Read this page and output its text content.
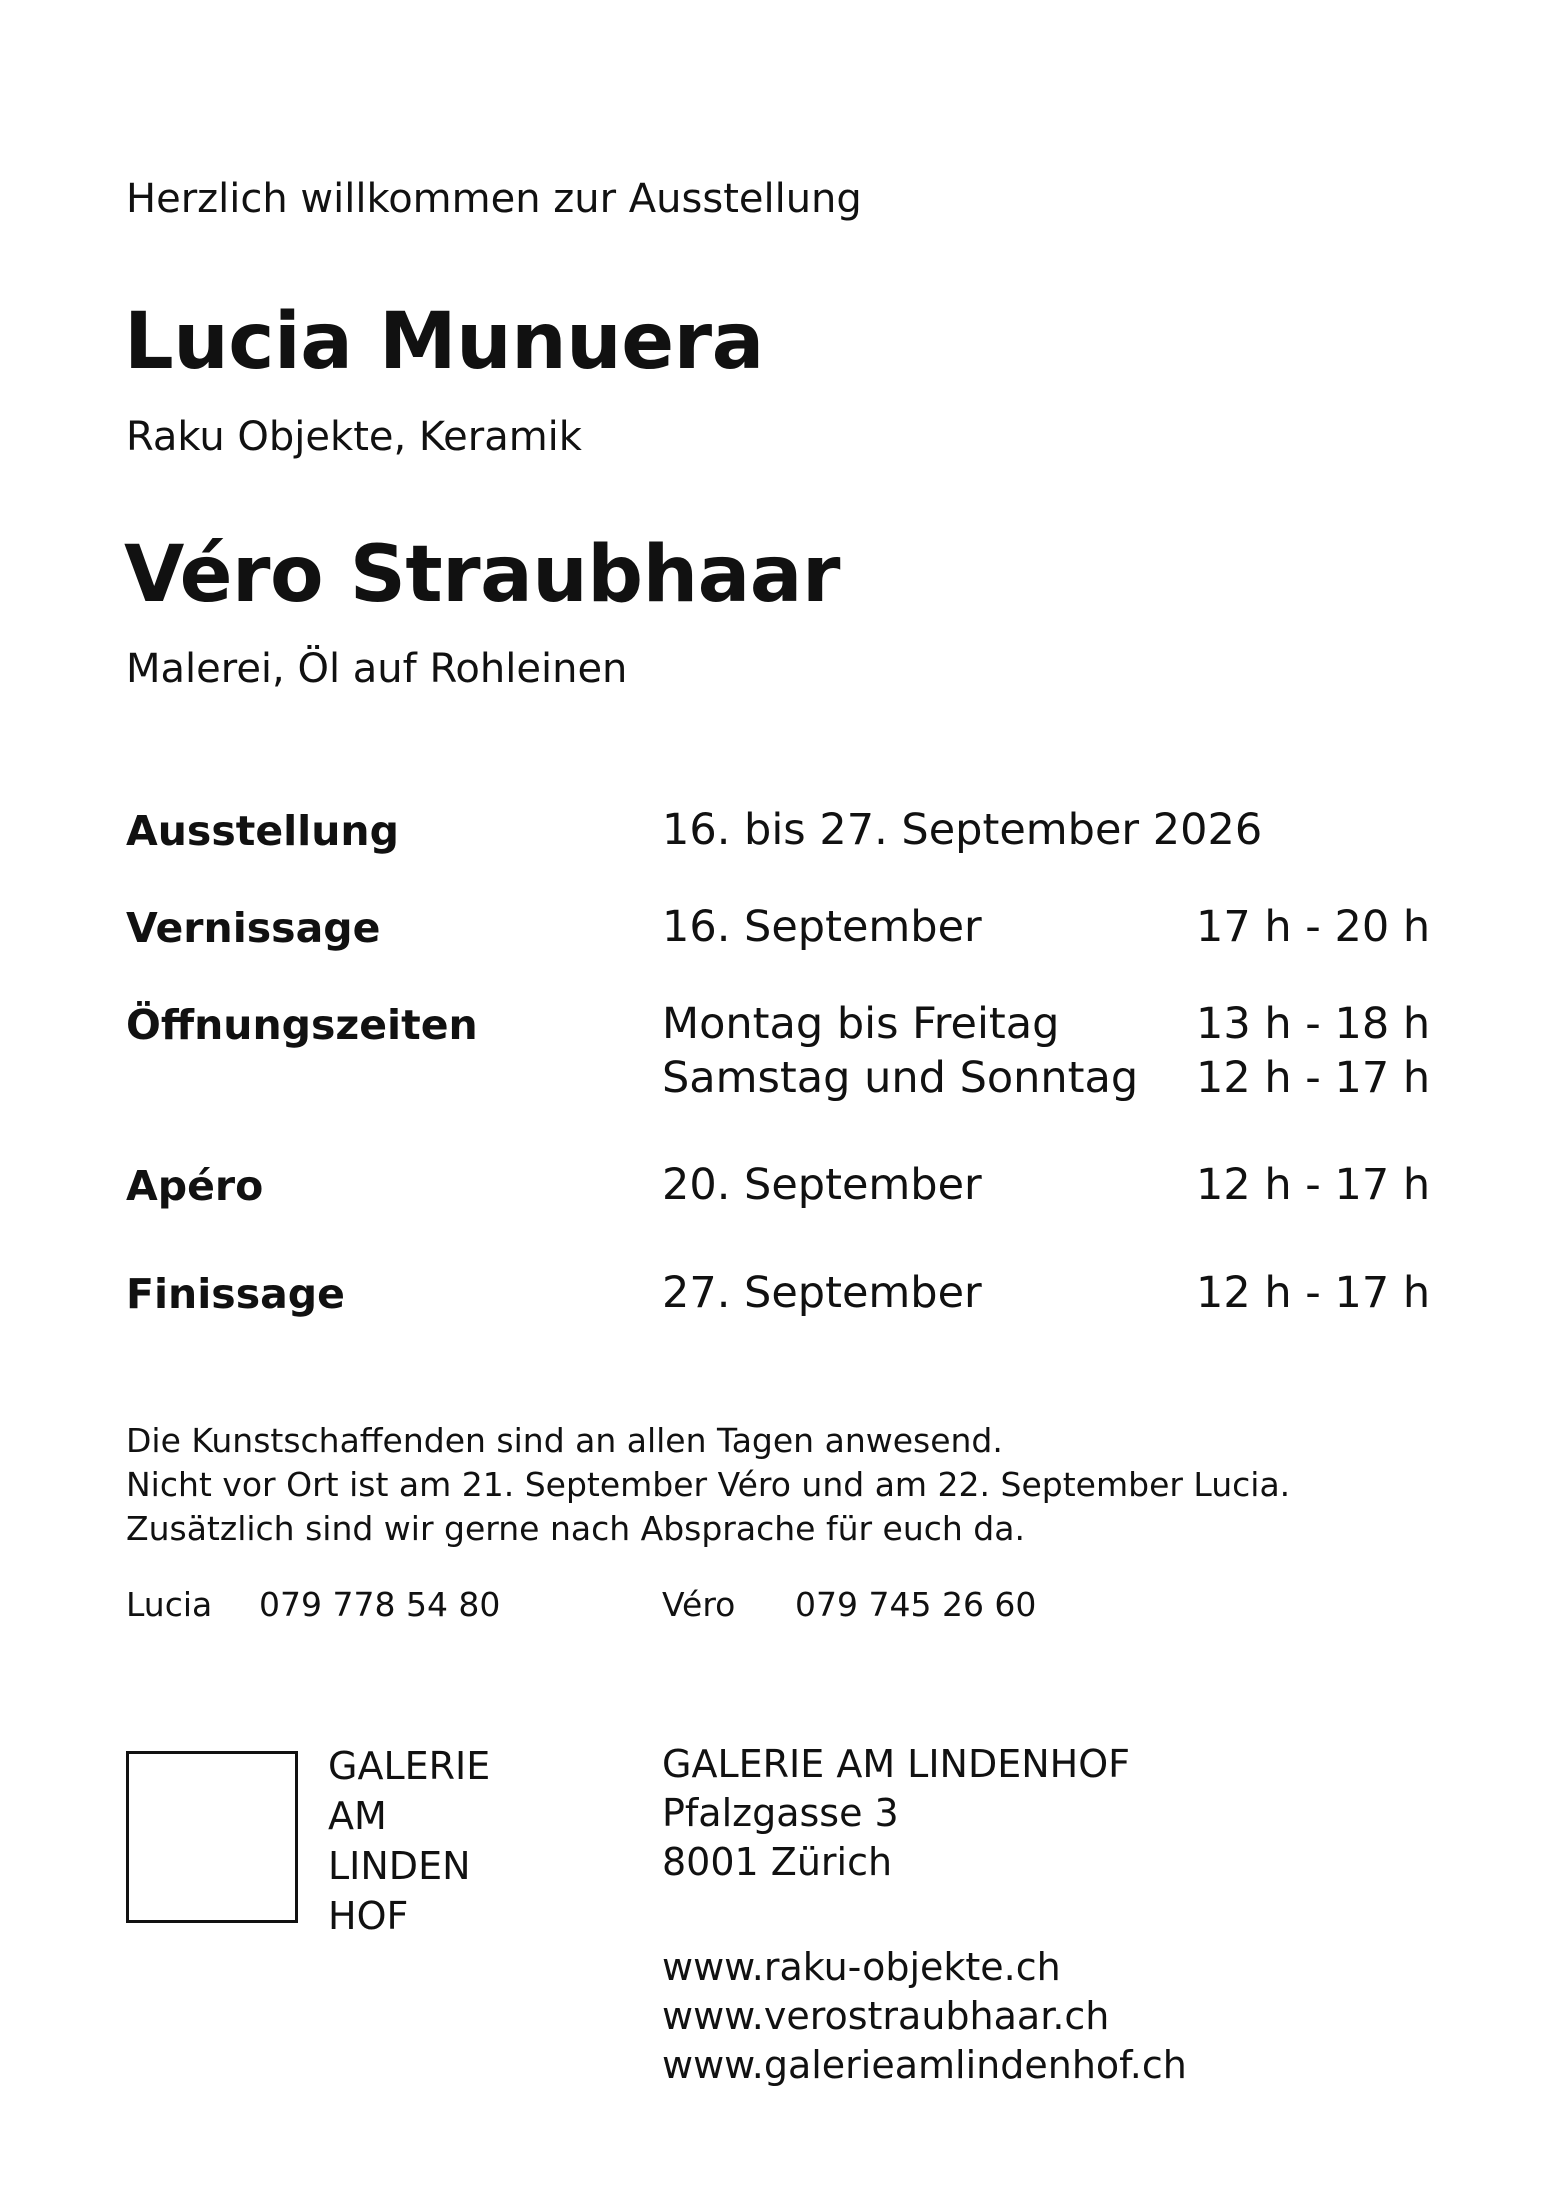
Herzlich willkommen zur Ausstellung
Lucia Munuera
Raku Objekte, Keramik
Véro Straubhaar
Malerei, Öl auf Rohleinen
Ausstellung	16. bis 27. September 2026
Vernissage	16. September	17 h - 20 h
Öffnungszeiten	Montag bis Freitag	13 h - 18 h
Samstag und Sonntag 12 h - 17 h
Apéro	20. September	12 h - 17 h
Finissage	27. September	12 h - 17 h
Die Kunstschaffenden sind an allen Tagen anwesend.
Nicht vor Ort ist am 21. September Véro und am 22. September Lucia.
Zusätzlich sind wir gerne nach Absprache für euch da.
Lucia 079 778 54 80	Véro 079 745 26 60
GALERIE
AM
LINDEN
HOF
GALERIE AM LINDENHOF
Pfalzgasse 3
8001 Zürich
www.raku-objekte.ch
www.verostraubhaar.ch
www.galerieamlindenhof.ch
